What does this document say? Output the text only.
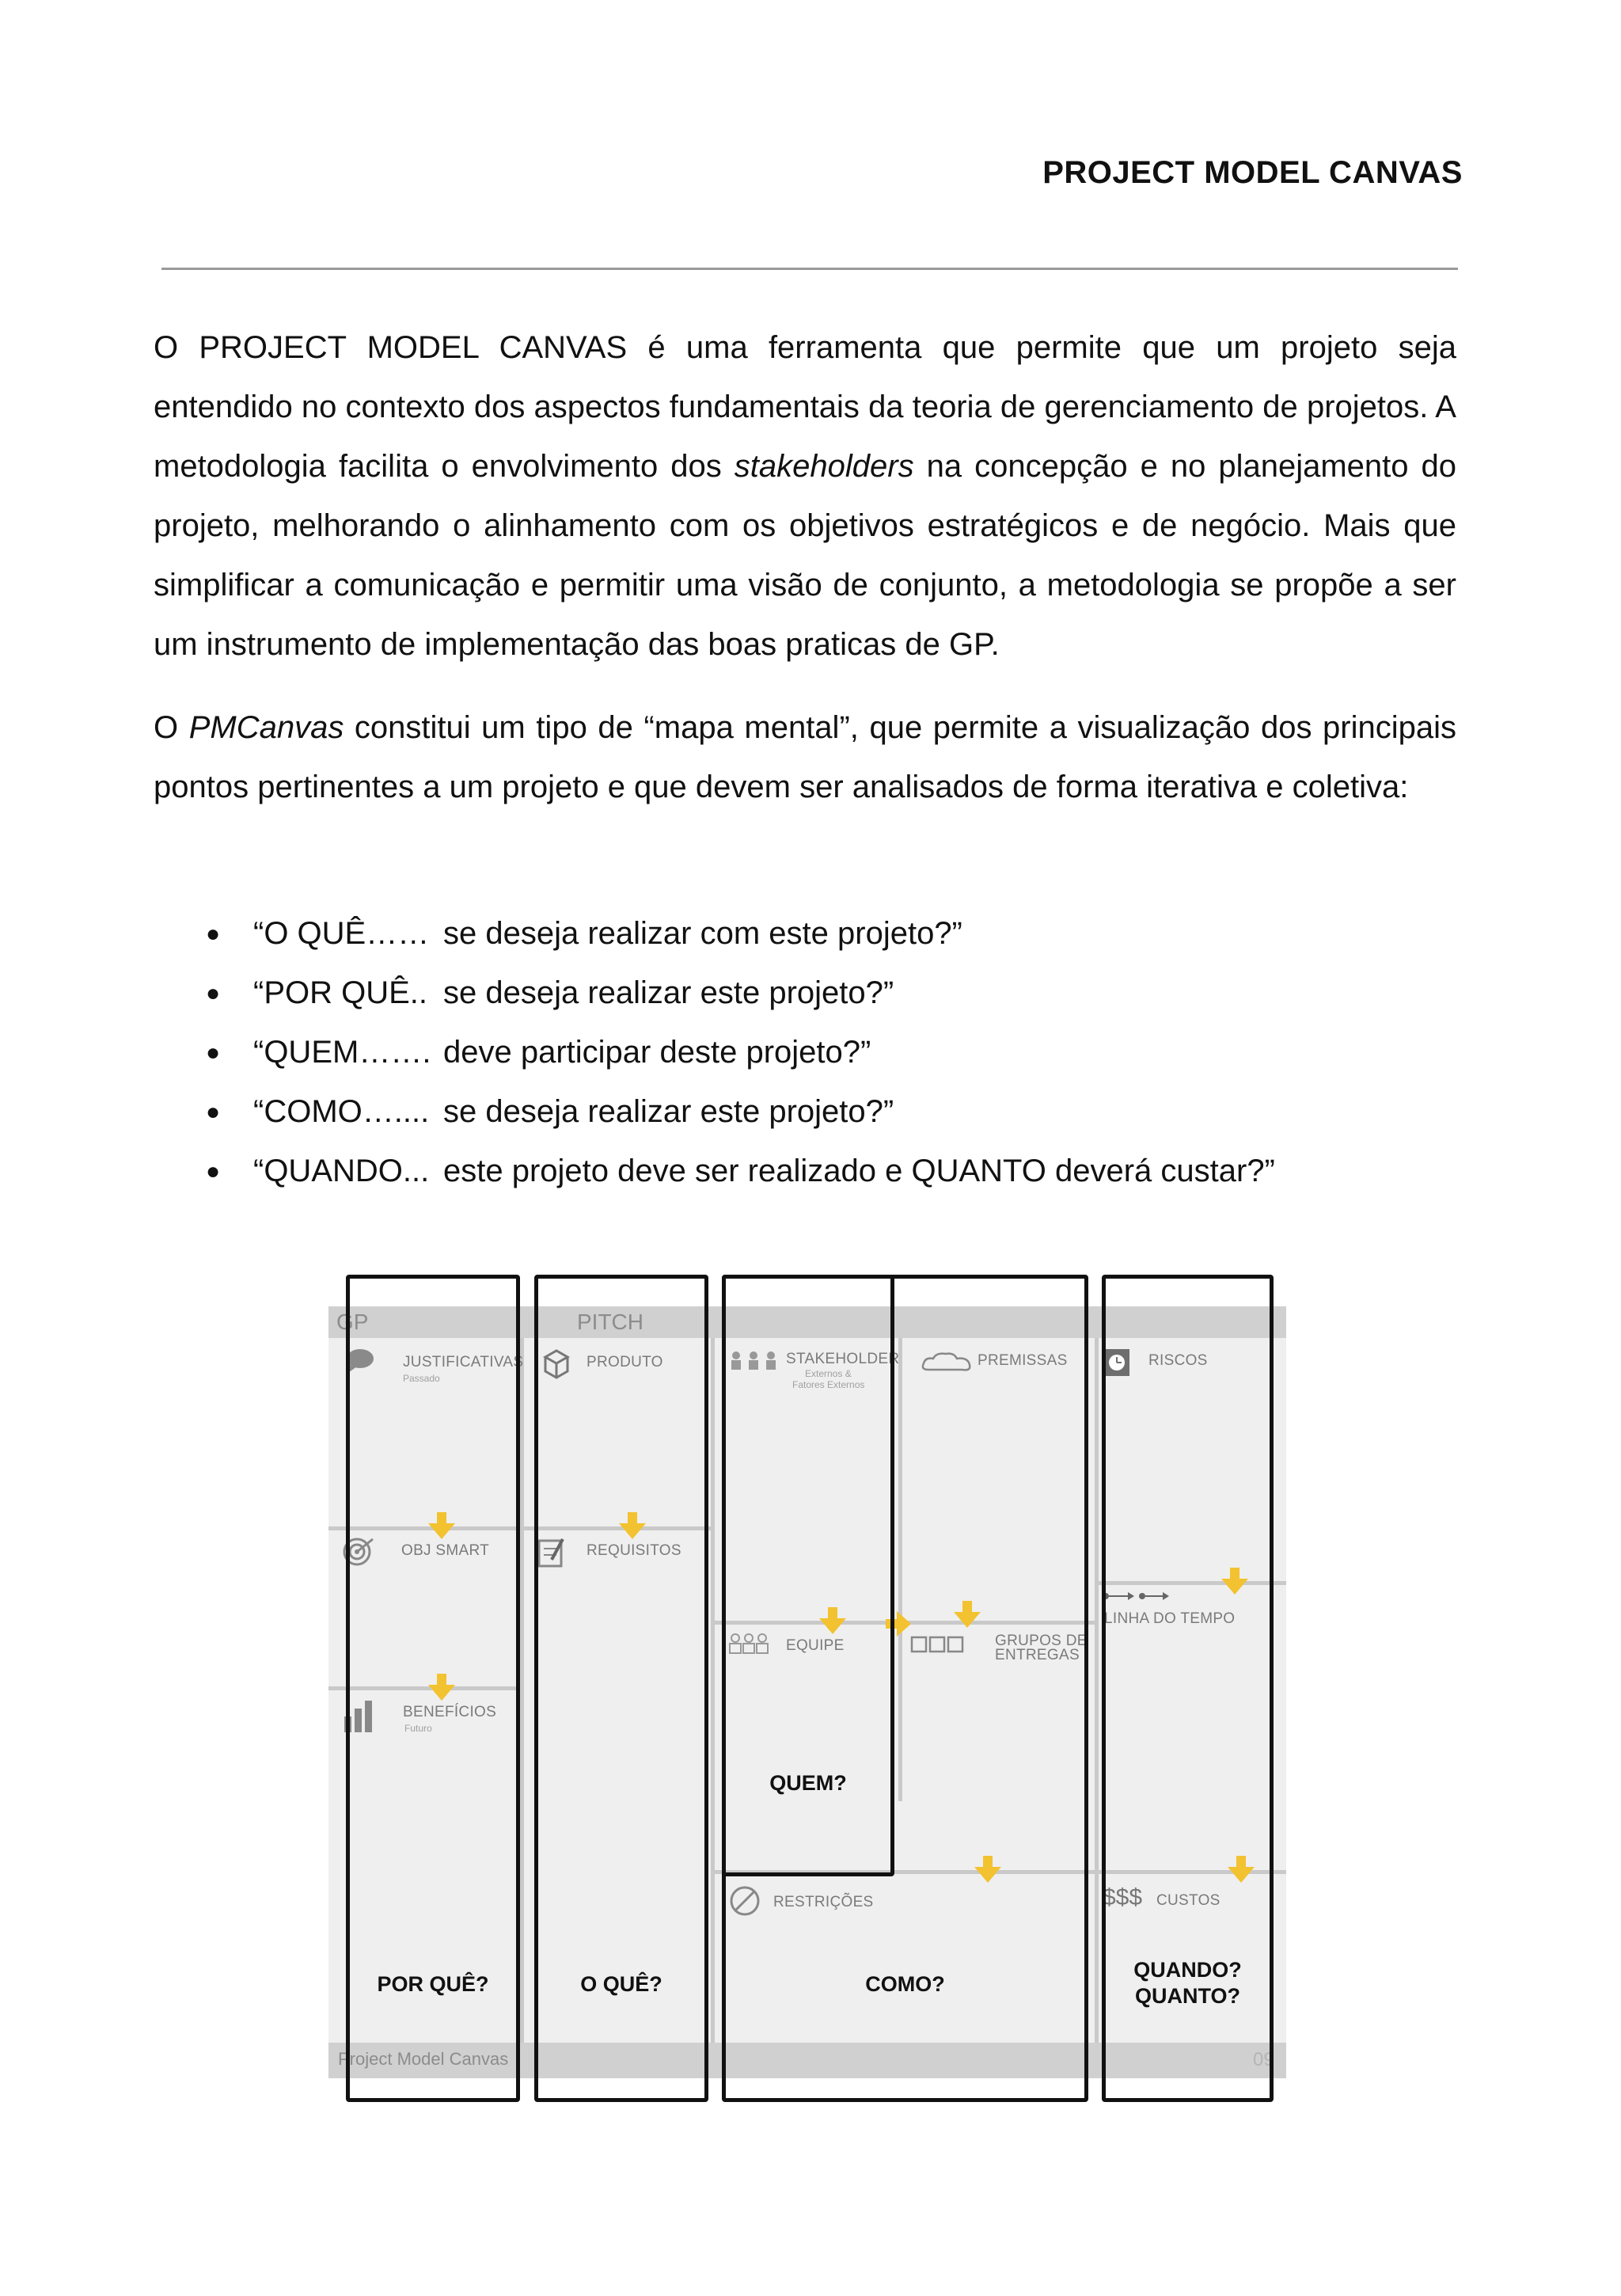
PROJECT MODEL CANVAS

O PROJECT MODEL CANVAS é uma ferramenta que permite que um projeto seja entendido no contexto dos aspectos fundamentais da teoria de gerenciamento de projetos. A metodologia facilita o envolvimento dos stakeholders na concepção e no planejamento do projeto, melhorando o alinhamento com os objetivos estratégicos e de negócio. Mais que simplificar a comunicação e permitir uma visão de conjunto, a metodologia se propõe a ser um instrumento de implementação das boas praticas de GP.

O PMCanvas constitui um tipo de “mapa mental”, que permite a visualização dos principais pontos pertinentes a um projeto e que devem ser analisados de forma iterativa e coletiva:

● “O QUÊ…… se deseja realizar com este projeto?”
● “POR QUÊ.. se deseja realizar este projeto?”
● “QUEM……. deve participar deste projeto?”
● “COMO….... se deseja realizar este projeto?”
● “QUANDO... este projeto deve ser realizado e QUANTO deverá custar?”
GP	PITCH
Project Model Canvas	09
JUSTIFICATIVAS
Passado
PRODUTO	STAKEHOLDER
Externos &
Fatores Externos
PREMISSAS	RISCOS
OBJ SMART	REQUISITOS
EQUIPE	GRUPOS DE
ENTREGAS
LINHA DO TEMPO
BENEFÍCIOS
Futuro
RESTRIÇÕES	$$$ CUSTOS
POR QUÊ?	O QUÊ?
QUEM?
COMO?
QUANDO?
QUANTO?
